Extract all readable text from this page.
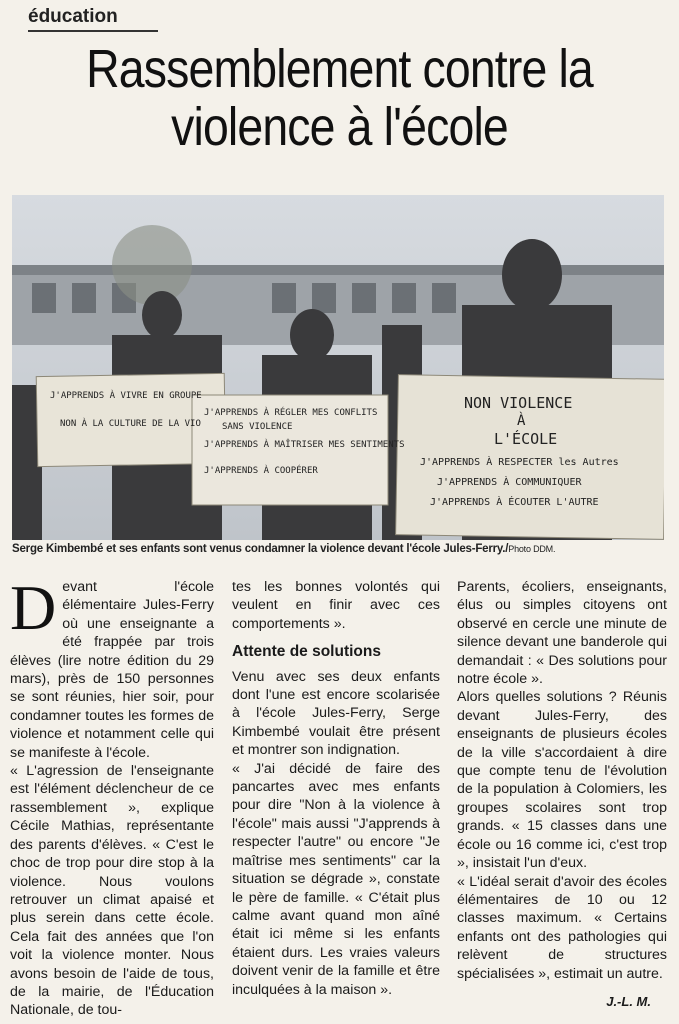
éducation
Rassemblement contre la violence à l'école
J'APPRENDS À VIVRE EN GROUPE
NON À LA CULTURE DE LA VIO
J'APPRENDS À RÉGLER MES CONFLITS
SANS VIOLENCE
J'APPRENDS À MAÎTRISER MES SENTIMENTS
J'APPRENDS À COOPÉRER
NON VIOLENCE
À
L'ÉCOLE
J'APPRENDS À RESPECTER les Autres
J'APPRENDS À COMMUNIQUER
J'APPRENDS À ÉCOUTER L'AUTRE
Serge Kimbembé et ses enfants sont venus condamner la violence devant l'école Jules-Ferry./Photo DDM.

Devant l'école élémentaire Jules-Ferry où une enseignante a été frappée par trois élèves (lire notre édition du 29 mars), près de 150 personnes se sont réunies, hier soir, pour condamner toutes les formes de violence et notamment celle qui se manifeste à l'école.

« L'agression de l'enseignante est l'élément déclencheur de ce rassemblement », explique Cécile Mathias, représentante des parents d'élèves. « C'est le choc de trop pour dire stop à la violence. Nous voulons retrouver un climat apaisé et plus serein dans cette école. Cela fait des années que l'on voit la violence monter. Nous avons besoin de l'aide de tous, de la mairie, de l'Éducation Nationale, de tou-

tes les bonnes volontés qui veulent en finir avec ces comportements ».

Attente de solutions

Venu avec ses deux enfants dont l'une est encore scolarisée à l'école Jules-Ferry, Serge Kimbembé voulait être présent et montrer son indignation.

« J'ai décidé de faire des pancartes avec mes enfants pour dire "Non à la violence à l'école" mais aussi "J'apprends à respecter l'autre" ou encore "Je maîtrise mes sentiments" car la situation se dégrade », constate le père de famille. « C'était plus calme avant quand mon aîné était ici même si les enfants étaient durs. Les vraies valeurs doivent venir de la famille et être inculquées à la maison ».

Parents, écoliers, enseignants, élus ou simples citoyens ont observé en cercle une minute de silence devant une banderole qui demandait : « Des solutions pour notre école ».

Alors quelles solutions ? Réunis devant Jules-Ferry, des enseignants de plusieurs écoles de la ville s'accordaient à dire que compte tenu de l'évolution de la population à Colomiers, les groupes scolaires sont trop grands. « 15 classes dans une école ou 16 comme ici, c'est trop », insistait l'un d'eux.

« L'idéal serait d'avoir des écoles élémentaires de 10 ou 12 classes maximum. « Certains enfants ont des pathologies qui relèvent de structures spécialisées », estimait un autre.

J.-L. M.
